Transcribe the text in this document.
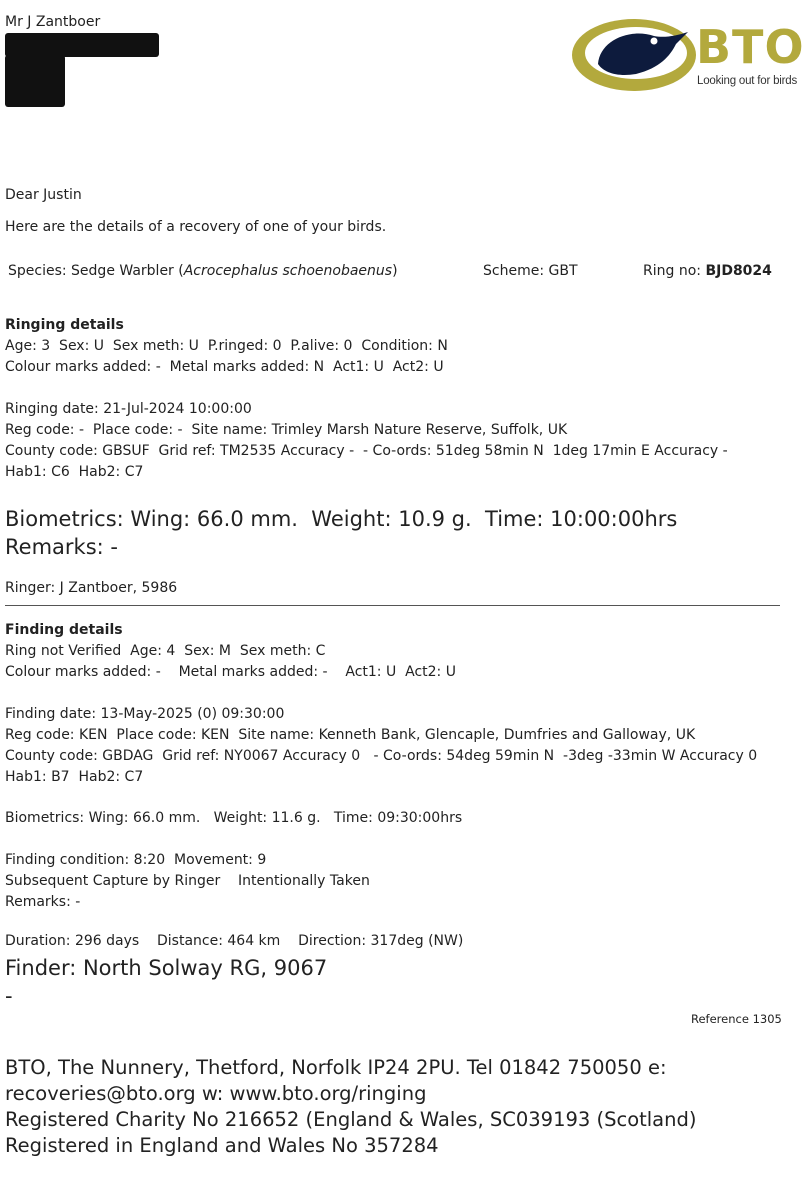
Mr J Zantboer	BTO
Looking out for birds
Dear Justin
Here are the details of a recovery of one of your birds.
Species: Sedge Warbler (Acrocephalus schoenobaenus)	Scheme: GBT	Ring no: BJD8024
Ringing details
Age: 3  Sex: U  Sex meth: U  P.ringed: 0  P.alive: 0  Condition: N
Colour marks added: -  Metal marks added: N  Act1: U  Act2: U
Ringing date: 21-Jul-2024 10:00:00
Reg code: -  Place code: -  Site name: Trimley Marsh Nature Reserve, Suffolk, UK
County code: GBSUF  Grid ref: TM2535 Accuracy -  - Co-ords: 51deg 58min N  1deg 17min E Accuracy -
Hab1: C6  Hab2: C7
Biometrics: Wing: 66.0 mm.  Weight: 10.9 g.  Time: 10:00:00hrs
Remarks: -
Ringer: J Zantboer, 5986
Finding details
Ring not Verified  Age: 4  Sex: M  Sex meth: C
Colour marks added: -    Metal marks added: -    Act1: U  Act2: U
Finding date: 13-May-2025 (0) 09:30:00
Reg code: KEN  Place code: KEN  Site name: Kenneth Bank, Glencaple, Dumfries and Galloway, UK
County code: GBDAG  Grid ref: NY0067 Accuracy 0   - Co-ords: 54deg 59min N  -3deg -33min W Accuracy 0
Hab1: B7  Hab2: C7
Biometrics: Wing: 66.0 mm.   Weight: 11.6 g.   Time: 09:30:00hrs
Finding condition: 8:20  Movement: 9
Subsequent Capture by Ringer    Intentionally Taken
Remarks: -
Duration: 296 days    Distance: 464 km    Direction: 317deg (NW)
Finder: North Solway RG, 9067
-
Reference 1305
BTO, The Nunnery, Thetford, Norfolk IP24 2PU. Tel 01842 750050 e:
recoveries@bto.org w: www.bto.org/ringing
Registered Charity No 216652 (England & Wales, SC039193 (Scotland)
Registered in England and Wales No 357284
